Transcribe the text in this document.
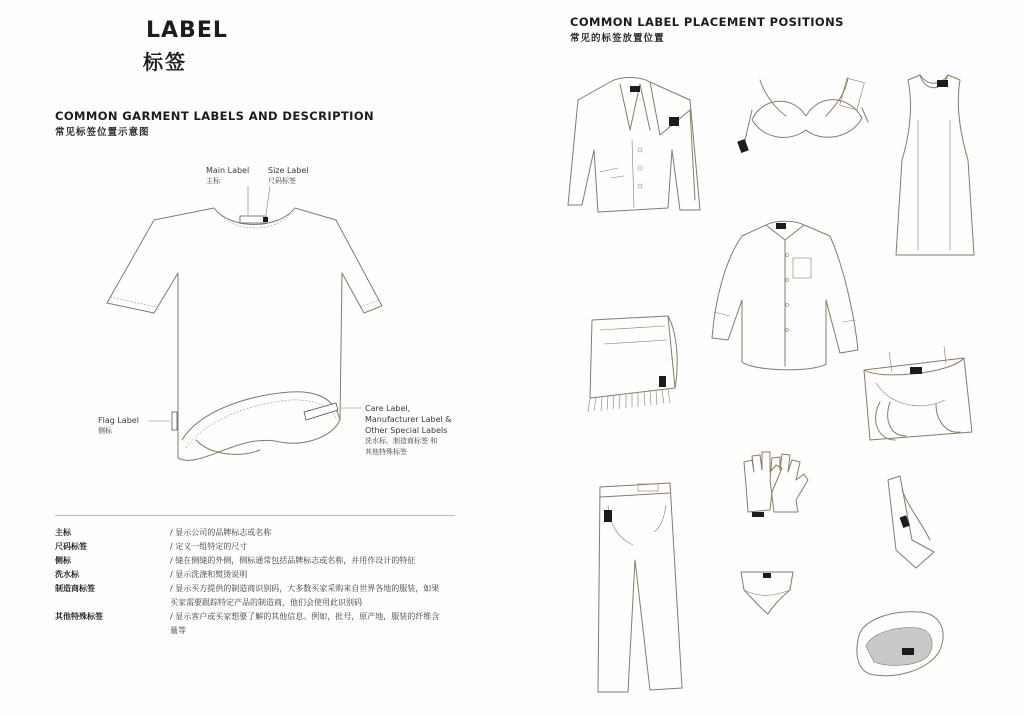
LABEL
标签
COMMON GARMENT LABELS AND DESCRIPTION
常见标签位置示意图
COMMON LABEL PLACEMENT POSITIONS
常见的标签放置位置
Main Label
主标
Size Label
尺码标签
Flag Label
侧标
Care Label,
Manufacturer Label &
Other Special Labels
洗水标，制造商标签 和
其他特殊标签
主标	/ 显示公司的品牌标志或名称
尺码标签	/ 定义一组特定的尺寸
侧标	/ 缝在侧缝的外侧，侧标通常包括品牌标志或名称，并用作设计的特征
洗水标	/ 显示洗涤和熨烫说明
制造商标签	/ 显示买方提供的制造商识别码，大多数买家采购来自世界各地的服装，如果
买家需要跟踪特定产品的制造商，他们会使用此识别码
其他特殊标签	/ 显示客户或买家想要了解的其他信息。例如，批号，原产地，服装的纤维含
量等
